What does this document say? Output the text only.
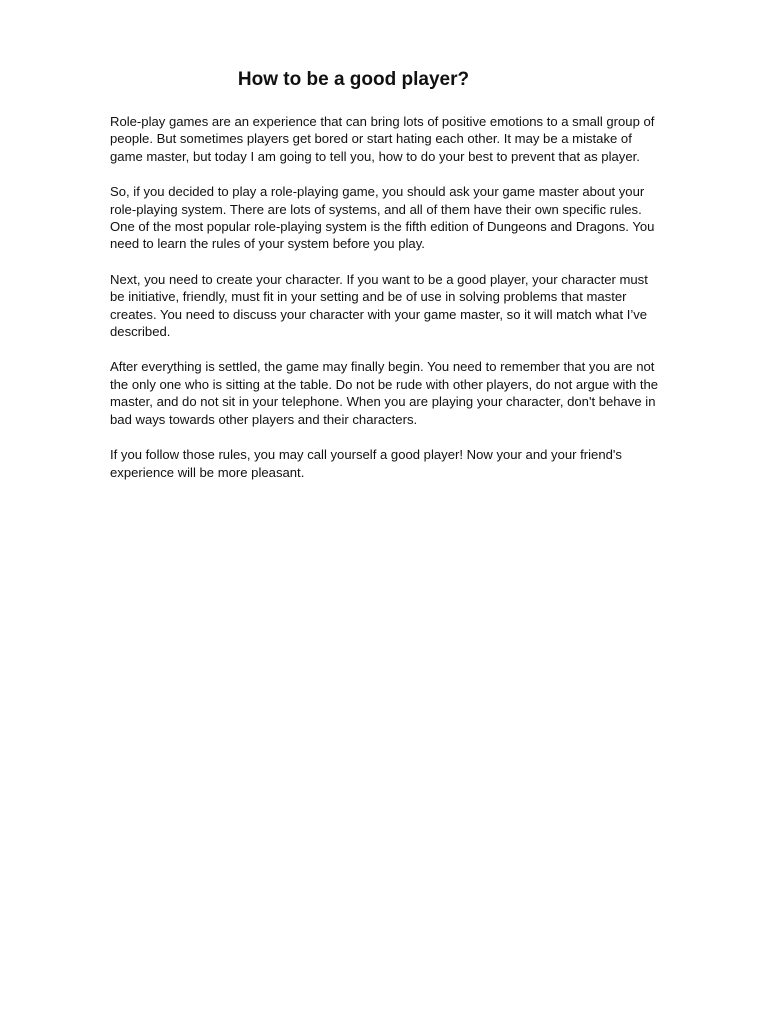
How to be a good player?

Role-play games are an experience that can bring lots of positive emotions to a small group of people. But sometimes players get bored or start hating each other. It may be a mistake of game master, but today I am going to tell you, how to do your best to prevent that as player.

So, if you decided to play a role-playing game, you should ask your game master about your role-playing system. There are lots of systems, and all of them have their own specific rules. One of the most popular role-playing system is the fifth edition of Dungeons and Dragons. You need to learn the rules of your system before you play.

Next, you need to create your character. If you want to be a good player, your character must be initiative, friendly, must fit in your setting and be of use in solving problems that master creates. You need to discuss your character with your game master, so it will match what I’ve described.

After everything is settled, the game may finally begin. You need to remember that you are not the only one who is sitting at the table. Do not be rude with other players, do not argue with the master, and do not sit in your telephone. When you are playing your character, don't behave in bad ways towards other players and their characters.

If you follow those rules, you may call yourself a good player! Now your and your friend's experience will be more pleasant.
